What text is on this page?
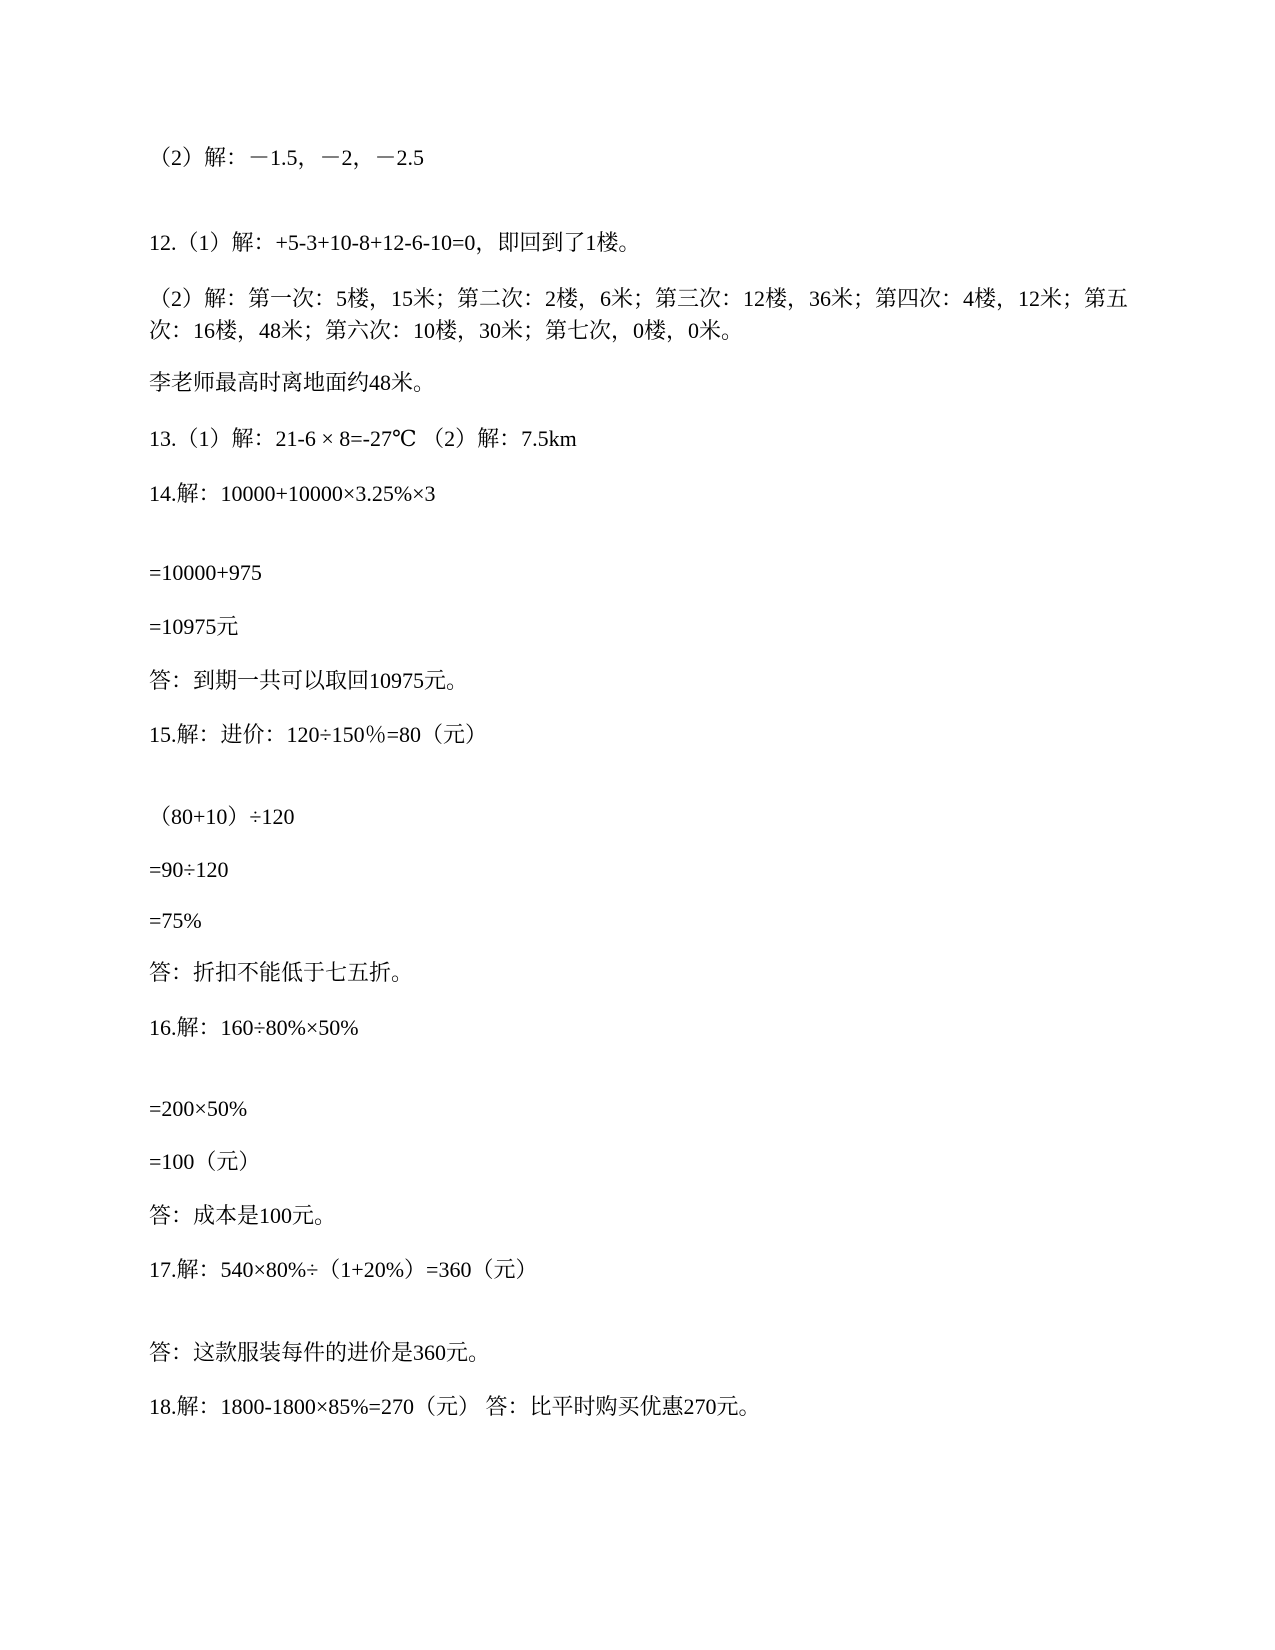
（2）解：－1.5，－2，－2.5
12.（1）解：+5-3+10-8+12-6-10=0，即回到了1楼。
（2）解：第一次：5楼，15米；第二次：2楼，6米；第三次：12楼，36米；第四次：4楼，12米；第五次：16楼，48米；第六次：10楼，30米；第七次，0楼，0米。
李老师最高时离地面约48米。
13.（1）解：21-6 × 8=-27℃ （2）解：7.5km
14.解：10000+10000×3.25%×3
=10000+975
=10975元
答：到期一共可以取回10975元。
15.解：进价：120÷150％=80（元）
（80+10）÷120
=90÷120
=75%
答：折扣不能低于七五折。
16.解：160÷80%×50%
=200×50%
=100（元）
答：成本是100元。
17.解：540×80%÷（1+20%）=360（元）
答：这款服装每件的进价是360元。
18.解：1800-1800×85%=270（元） 答：比平时购买优惠270元。
